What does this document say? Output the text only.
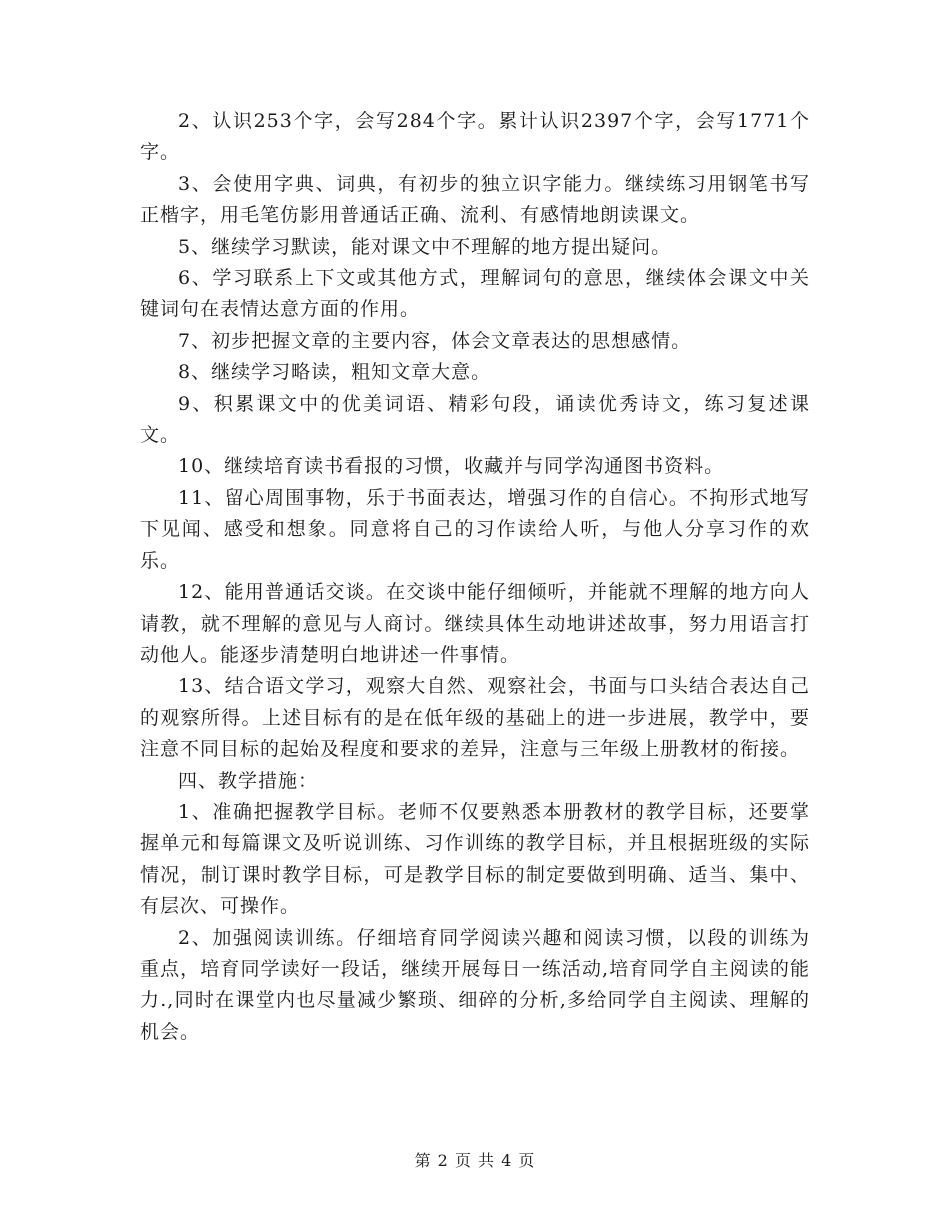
2、认识253个字，会写284个字。累计认识2397个字，会写1771个字。

3、会使用字典、词典，有初步的独立识字能力。继续练习用钢笔书写正楷字，用毛笔仿影用普通话正确、流利、有感情地朗读课文。

5、继续学习默读，能对课文中不理解的地方提出疑问。

6、学习联系上下文或其他方式，理解词句的意思，继续体会课文中关键词句在表情达意方面的作用。

7、初步把握文章的主要内容，体会文章表达的思想感情。

8、继续学习略读，粗知文章大意。

9、积累课文中的优美词语、精彩句段，诵读优秀诗文，练习复述课文。

10、继续培育读书看报的习惯，收藏并与同学沟通图书资料。

11、留心周围事物，乐于书面表达，增强习作的自信心。不拘形式地写下见闻、感受和想象。同意将自己的习作读给人听，与他人分享习作的欢乐。

12、能用普通话交谈。在交谈中能仔细倾听，并能就不理解的地方向人请教，就不理解的意见与人商讨。继续具体生动地讲述故事，努力用语言打动他人。能逐步清楚明白地讲述一件事情。

13、结合语文学习，观察大自然、观察社会，书面与口头结合表达自己的观察所得。上述目标有的是在低年级的基础上的进一步进展，教学中，要注意不同目标的起始及程度和要求的差异，注意与三年级上册教材的衔接。

四、教学措施：

1、准确把握教学目标。老师不仅要熟悉本册教材的教学目标，还要掌握单元和每篇课文及听说训练、习作训练的教学目标，并且根据班级的实际情况，制订课时教学目标，可是教学目标的制定要做到明确、适当、集中、有层次、可操作。

2、加强阅读训练。仔细培育同学阅读兴趣和阅读习惯，以段的训练为重点，培育同学读好一段话，继续开展每日一练活动,培育同学自主阅读的能力.,同时在课堂内也尽量减少繁琐、细碎的分析,多给同学自主阅读、理解的机会。

第 2 页 共 4 页
